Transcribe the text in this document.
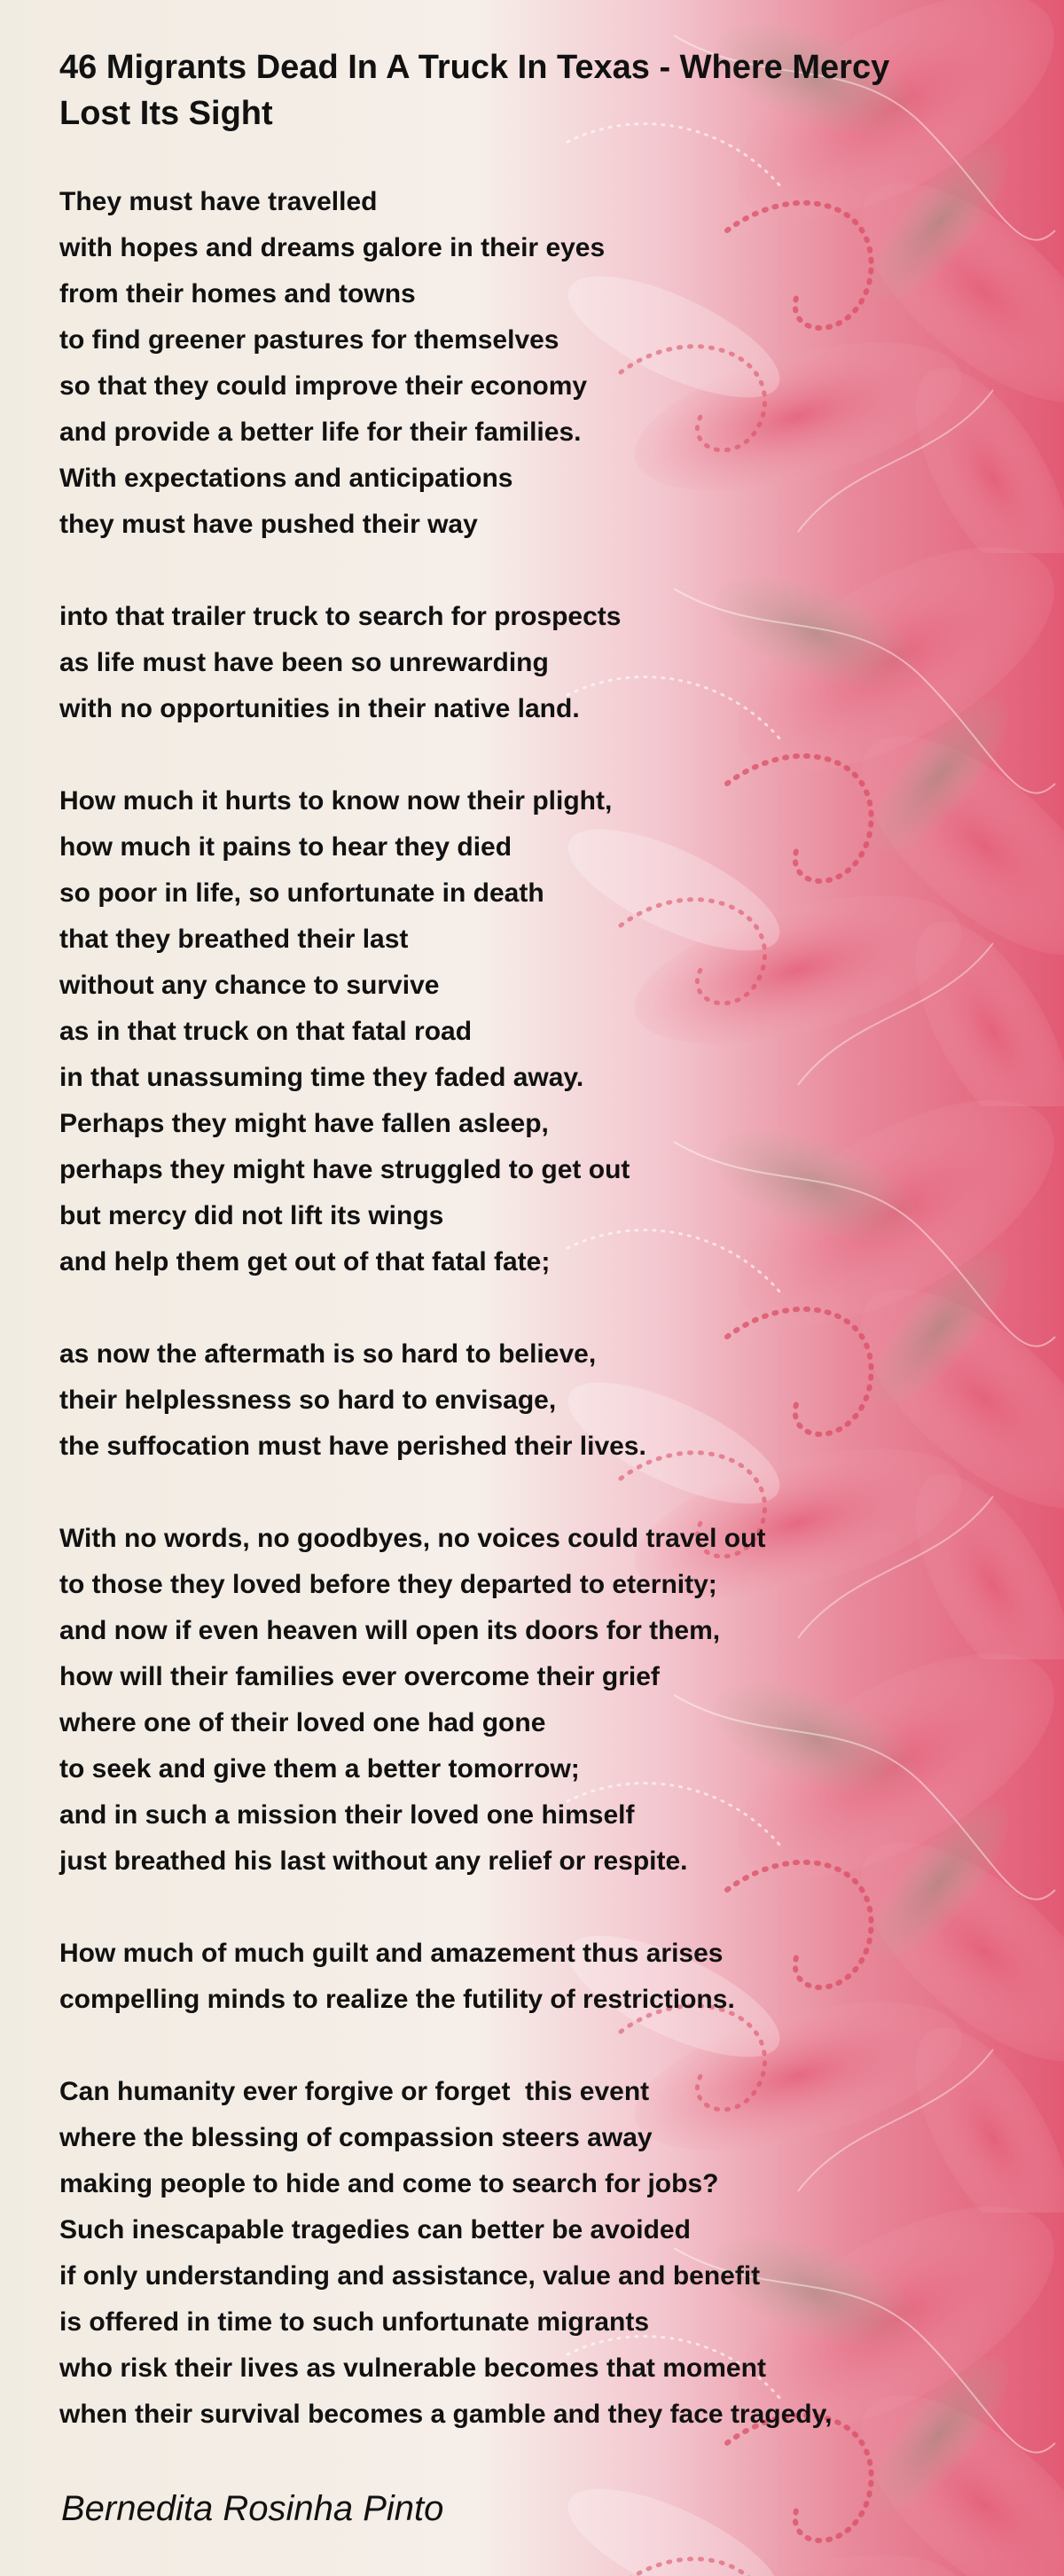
46 Migrants Dead In A Truck In Texas - Where Mercy Lost Its Sight
They must have travelled
with hopes and dreams galore in their eyes
from their homes and towns
to find greener pastures for themselves
so that they could improve their economy
and provide a better life for their families.
With expectations and anticipations
they must have pushed their way
into that trailer truck to search for prospects
as life must have been so unrewarding
with no opportunities in their native land.
How much it hurts to know now their plight,
how much it pains to hear they died
so poor in life, so unfortunate in death
that they breathed their last
without any chance to survive
as in that truck on that fatal road
in that unassuming time they faded away.
Perhaps they might have fallen asleep,
perhaps they might have struggled to get out
but mercy did not lift its wings
and help them get out of that fatal fate;
as now the aftermath is so hard to believe,
their helplessness so hard to envisage,
the suffocation must have perished their lives.
With no words, no goodbyes, no voices could travel out
to those they loved before they departed to eternity;
and now if even heaven will open its doors for them,
how will their families ever overcome their grief
where one of their loved one had gone
to seek and give them a better tomorrow;
and in such a mission their loved one himself
just breathed his last without any relief or respite.
How much of much guilt and amazement thus arises
compelling minds to realize the futility of restrictions.
Can humanity ever forgive or forget  this event
where the blessing of compassion steers away
making people to hide and come to search for jobs?
Such inescapable tragedies can better be avoided
if only understanding and assistance, value and benefit
is offered in time to such unfortunate migrants
who risk their lives as vulnerable becomes that moment
when their survival becomes a gamble and they face tragedy,
Bernedita Rosinha Pinto
